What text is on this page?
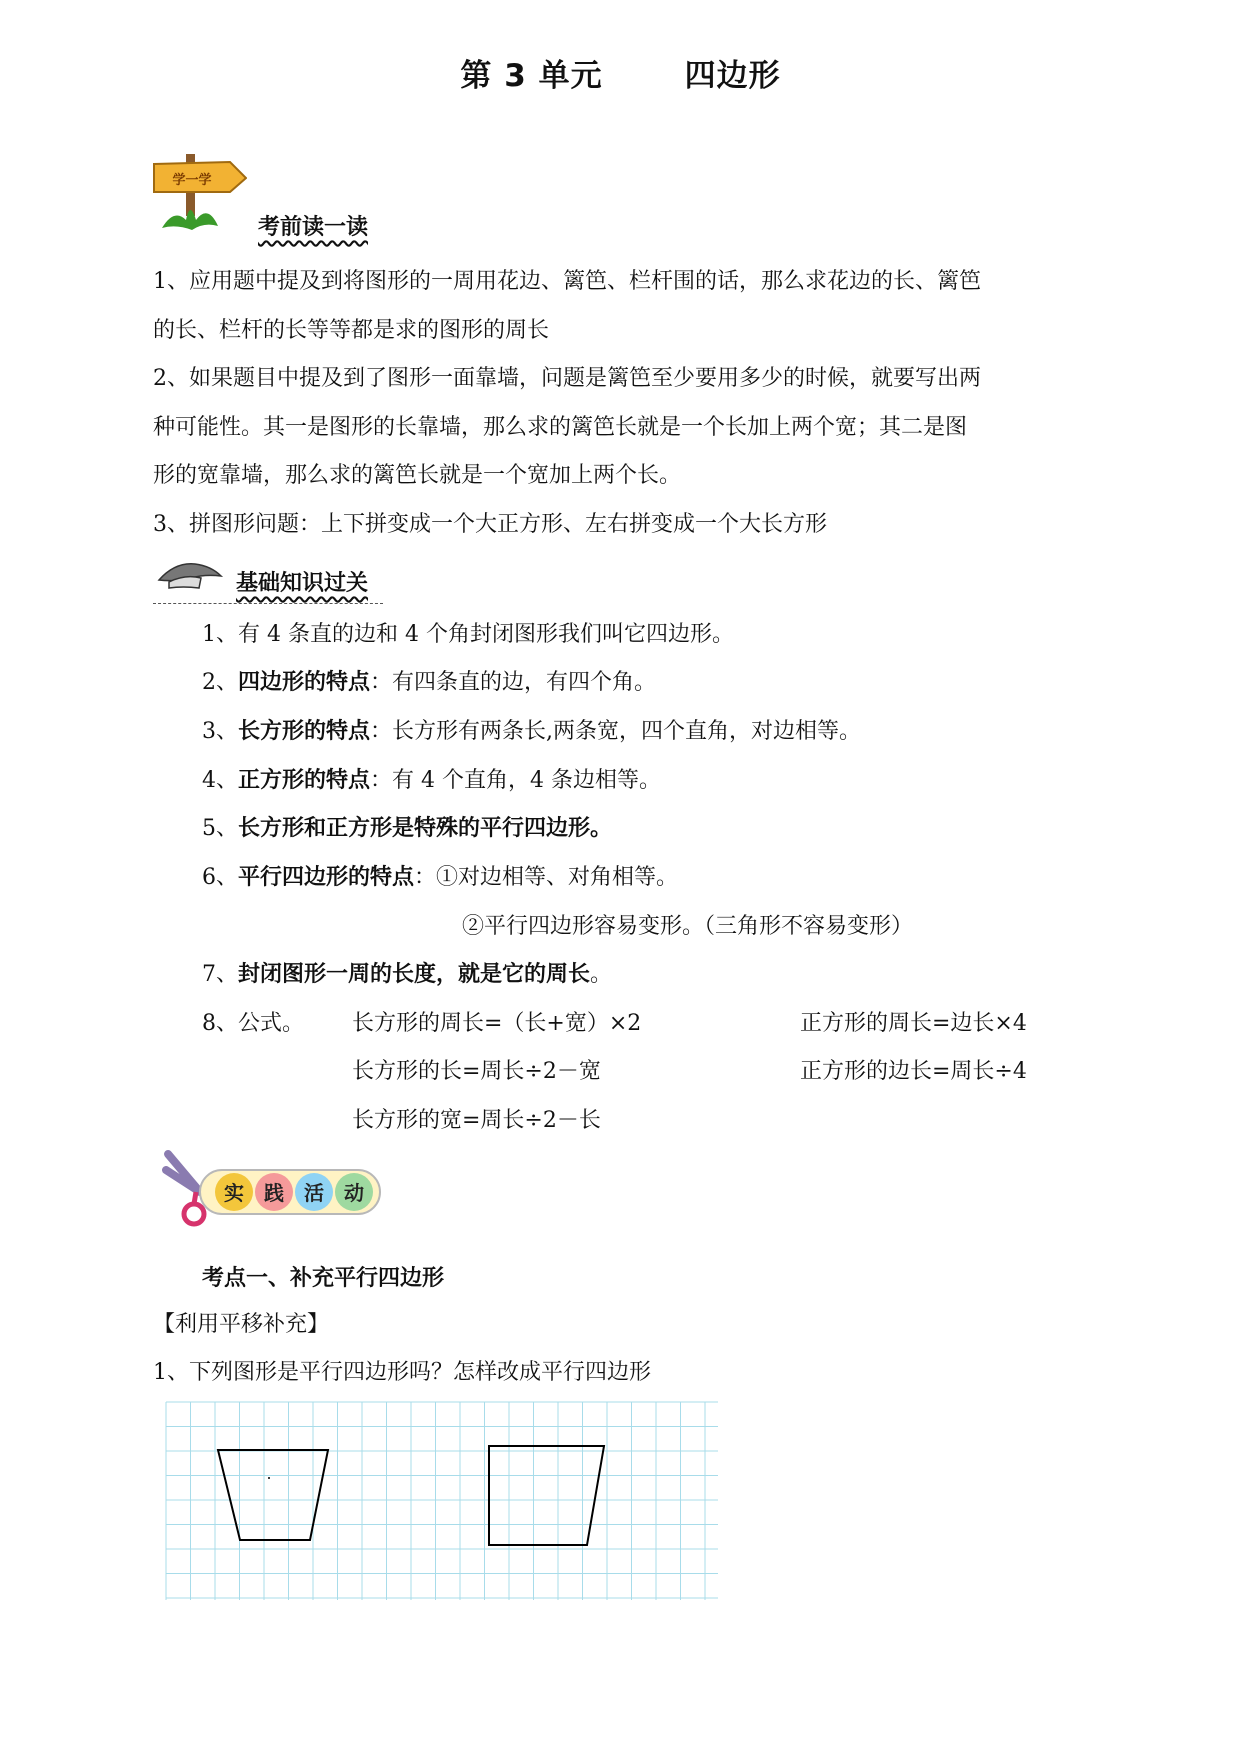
第 3 单元	四边形
学一学
考前读一读
1、应用题中提及到将图形的一周用花边、篱笆、栏杆围的话，那么求花边的长、篱笆
的长、栏杆的长等等都是求的图形的周长
2、如果题目中提及到了图形一面靠墙，问题是篱笆至少要用多少的时候，就要写出两
种可能性。其一是图形的长靠墙，那么求的篱笆长就是一个长加上两个宽；其二是图
形的宽靠墙，那么求的篱笆长就是一个宽加上两个长。
3、拼图形问题：上下拼变成一个大正方形、左右拼变成一个大长方形
基础知识过关
1、有 4 条直的边和 4 个角封闭图形我们叫它四边形。
2、四边形的特点：有四条直的边，有四个角。
3、长方形的特点：长方形有两条长,两条宽，四个直角，对边相等。
4、正方形的特点：有 4 个直角，4 条边相等。
5、长方形和正方形是特殊的平行四边形。
6、平行四边形的特点：①对边相等、对角相等。
②平行四边形容易变形。（三角形不容易变形）
7、封闭图形一周的长度，就是它的周长。
8、公式。 长方形的周长=（长+宽）×2
长方形的长=周长÷2－宽
长方形的宽=周长÷2－长
正方形的周长=边长×4
正方形的边长=周长÷4
实 践 活 动
考点一、补充平行四边形
【利用平移补充】
1、下列图形是平行四边形吗？怎样改成平行四边形
